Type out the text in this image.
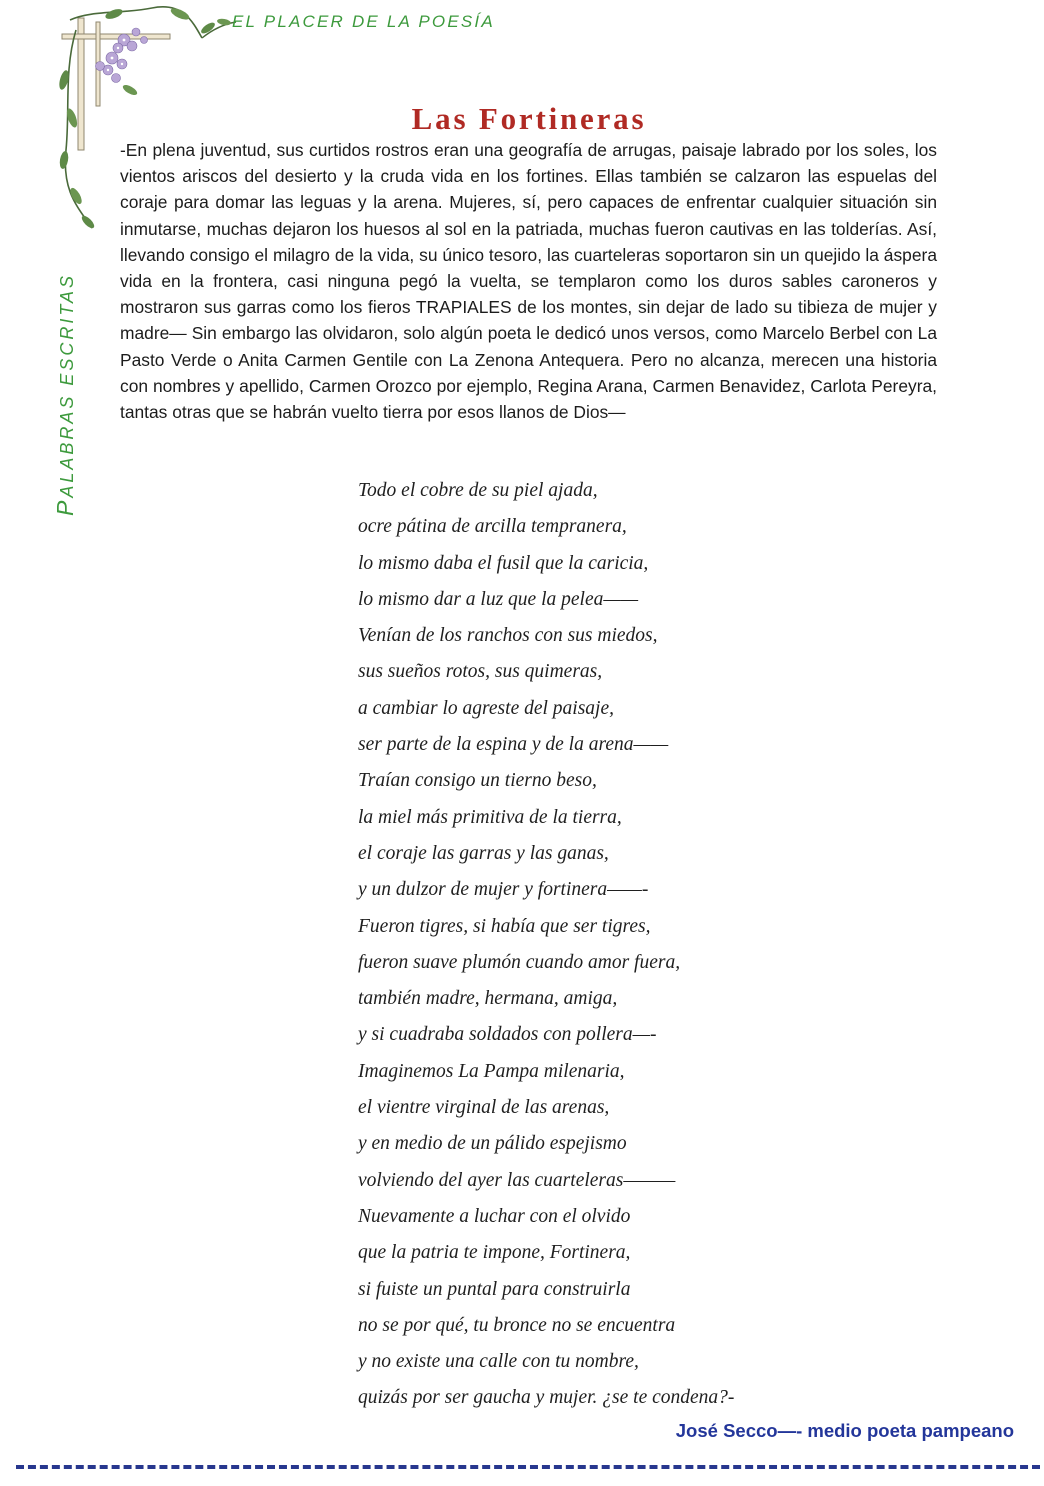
EL PLACER DE LA POESÍA
PALABRAS ESCRITAS
Las Fortineras

-En plena juventud, sus curtidos rostros eran una geografía de arrugas, paisaje labrado por los soles, los vientos ariscos del desierto y la cruda vida en los fortines. Ellas también se calzaron las espuelas del coraje para domar las leguas y la arena. Mujeres, sí, pero capaces de enfrentar cualquier situación sin inmutarse, muchas dejaron los huesos al sol en la patriada, muchas fueron cautivas en las tolderías. Así, llevando consigo el milagro de la vida, su único tesoro, las cuarteleras soportaron sin un quejido la áspera vida en la frontera, casi ninguna pegó la vuelta, se templaron como los duros sables caroneros y mostraron sus garras como los fieros TRAPIALES de los montes, sin dejar de lado su tibieza de mujer y madre— Sin embargo las olvidaron, solo algún poeta le dedicó unos versos, como Marcelo Berbel con La Pasto Verde o Anita Carmen Gentile con La Zenona Antequera. Pero no alcanza, merecen una historia con nombres y apellido, Carmen Orozco por ejemplo, Regina Arana, Carmen Benavidez, Carlota Pereyra, tantas otras que se habrán vuelto tierra por esos llanos de Dios—

Todo el cobre de su piel ajada,
ocre pátina de arcilla tempranera,
lo mismo daba el fusil que la caricia,
lo mismo dar a luz que la pelea——
Venían de los ranchos con sus miedos,
sus sueños rotos, sus quimeras,
a cambiar lo agreste del paisaje,
ser parte de la espina y de la arena——
Traían consigo un tierno beso,
la miel más primitiva de la tierra,
el coraje las garras y las ganas,
y un dulzor de mujer y fortinera——-
Fueron tigres, si había que ser tigres,
fueron suave plumón cuando amor fuera,
también madre, hermana, amiga,
y si cuadraba soldados con pollera—-
Imaginemos La Pampa milenaria,
el vientre virginal de las arenas,
y en medio de un pálido espejismo
volviendo del ayer las cuarteleras———
Nuevamente a luchar con el olvido
que la patria te impone, Fortinera,
si fuiste un puntal para construirla
no se por qué, tu bronce no se encuentra
y no existe una calle con tu nombre,
quizás por ser gaucha y mujer. ¿se te condena?-
José Secco—- medio poeta pampeano
